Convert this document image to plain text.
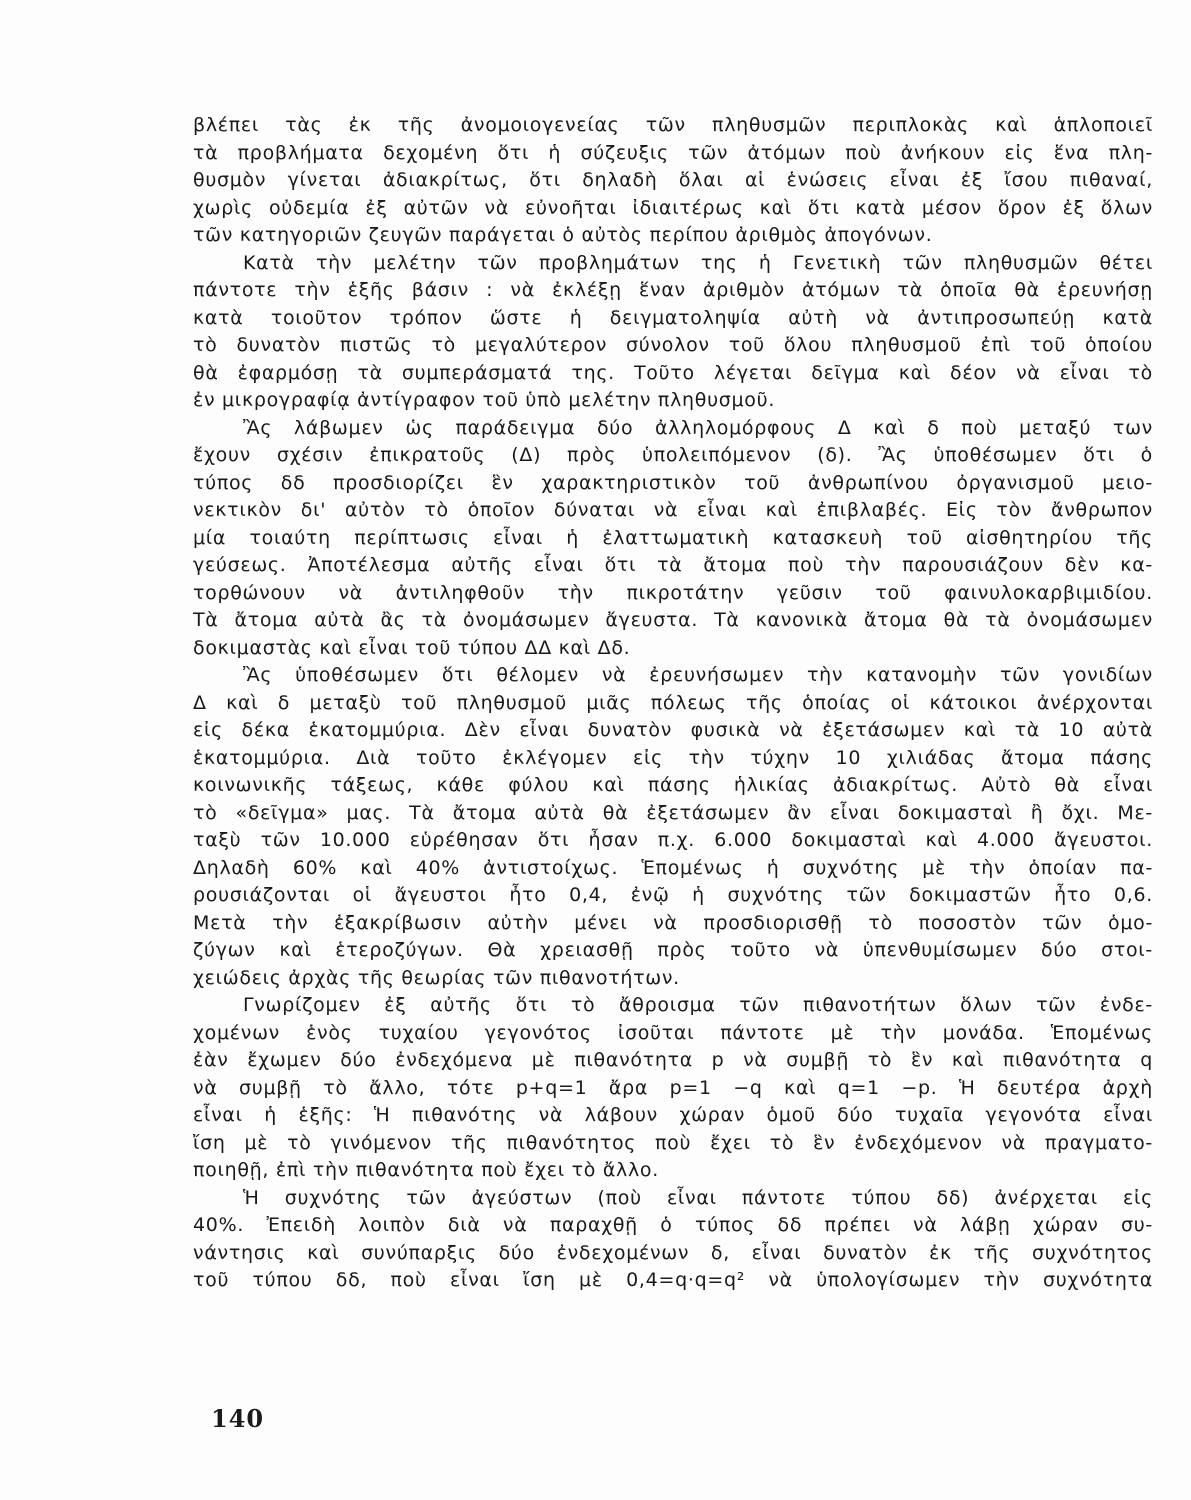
βλέπει τὰς ἐκ τῆς ἀνομοιογενείας τῶν πληθυσμῶν περιπλοκὰς καὶ ἁπλοποιεῖ
τὰ προβλήματα δεχομένη ὅτι ἡ σύζευξις τῶν ἀτόμων ποὺ ἀνήκουν εἰς ἕνα πλη-
θυσμὸν γίνεται ἀδιακρίτως, ὅτι δηλαδὴ ὅλαι αἱ ἑνώσεις εἶναι ἐξ ἴσου πιθαναί,
χωρὶς οὐδεμία ἐξ αὐτῶν νὰ εὐνοῆται ἰδιαιτέρως καὶ ὅτι κατὰ μέσον ὅρον ἐξ ὅλων
τῶν κατηγοριῶν ζευγῶν παράγεται ὁ αὐτὸς περίπου ἀριθμὸς ἀπογόνων.
Κατὰ τὴν μελέτην τῶν προβλημάτων της ἡ Γενετικὴ τῶν πληθυσμῶν θέτει
πάντοτε τὴν ἑξῆς βάσιν : νὰ ἐκλέξῃ ἕναν ἀριθμὸν ἀτόμων τὰ ὁποῖα θὰ ἐρευνήσῃ
κατὰ τοιοῦτον τρόπον ὥστε ἡ δειγματοληψία αὐτὴ νὰ ἀντιπροσωπεύῃ κατὰ
τὸ δυνατὸν πιστῶς τὸ μεγαλύτερον σύνολον τοῦ ὅλου πληθυσμοῦ ἐπὶ τοῦ ὁποίου
θὰ ἐφαρμόσῃ τὰ συμπεράσματά της. Τοῦτο λέγεται δεῖγμα καὶ δέον νὰ εἶναι τὸ
ἐν μικρογραφίᾳ ἀντίγραφον τοῦ ὑπὸ μελέτην πληθυσμοῦ.
Ἂς λάβωμεν ὡς παράδειγμα δύο ἀλληλομόρφους Δ καὶ δ ποὺ μεταξύ των
ἔχουν σχέσιν ἐπικρατοῦς (Δ) πρὸς ὑπολειπόμενον (δ). Ἂς ὑποθέσωμεν ὅτι ὁ
τύπος δδ προσδιορίζει ἓν χαρακτηριστικὸν τοῦ ἀνθρωπίνου ὀργανισμοῦ μειο-
νεκτικὸν δι' αὐτὸν τὸ ὁποῖον δύναται νὰ εἶναι καὶ ἐπιβλαβές. Εἰς τὸν ἄνθρωπον
μία τοιαύτη περίπτωσις εἶναι ἡ ἐλαττωματικὴ κατασκευὴ τοῦ αἰσθητηρίου τῆς
γεύσεως. Ἀποτέλεσμα αὐτῆς εἶναι ὅτι τὰ ἄτομα ποὺ τὴν παρουσιάζουν δὲν κα-
τορθώνουν νὰ ἀντιληφθοῦν τὴν πικροτάτην γεῦσιν τοῦ φαινυλοκαρβιμιδίου.
Τὰ ἄτομα αὐτὰ ἂς τὰ ὀνομάσωμεν ἄγευστα. Τὰ κανονικὰ ἄτομα θὰ τὰ ὀνομάσωμεν
δοκιμαστὰς καὶ εἶναι τοῦ τύπου ΔΔ καὶ Δδ.
Ἂς ὑποθέσωμεν ὅτι θέλομεν νὰ ἐρευνήσωμεν τὴν κατανομὴν τῶν γονιδίων
Δ καὶ δ μεταξὺ τοῦ πληθυσμοῦ μιᾶς πόλεως τῆς ὁποίας οἱ κάτοικοι ἀνέρχονται
εἰς δέκα ἑκατομμύρια. Δὲν εἶναι δυνατὸν φυσικὰ νὰ ἐξετάσωμεν καὶ τὰ 10 αὐτὰ
ἑκατομμύρια. Διὰ τοῦτο ἐκλέγομεν εἰς τὴν τύχην 10 χιλιάδας ἄτομα πάσης
κοινωνικῆς τάξεως, κάθε φύλου καὶ πάσης ἡλικίας ἀδιακρίτως. Αὐτὸ θὰ εἶναι
τὸ «δεῖγμα» μας. Τὰ ἄτομα αὐτὰ θὰ ἐξετάσωμεν ἂν εἶναι δοκιμασταὶ ἢ ὄχι. Με-
ταξὺ τῶν 10.000 εὑρέθησαν ὅτι ἦσαν π.χ. 6.000 δοκιμασταὶ καὶ 4.000 ἄγευστοι.
Δηλαδὴ 60% καὶ 40% ἀντιστοίχως. Ἑπομένως ἡ συχνότης μὲ τὴν ὁποίαν πα-
ρουσιάζονται οἱ ἄγευστοι ἦτο 0,4, ἐνῷ ἡ συχνότης τῶν δοκιμαστῶν ἦτο 0,6.
Μετὰ τὴν ἐξακρίβωσιν αὐτὴν μένει νὰ προσδιορισθῇ τὸ ποσοστὸν τῶν ὁμο-
ζύγων καὶ ἑτεροζύγων. Θὰ χρειασθῇ πρὸς τοῦτο νὰ ὑπενθυμίσωμεν δύο στοι-
χειώδεις ἀρχὰς τῆς θεωρίας τῶν πιθανοτήτων.
Γνωρίζομεν ἐξ αὐτῆς ὅτι τὸ ἄθροισμα τῶν πιθανοτήτων ὅλων τῶν ἐνδε-
χομένων ἑνὸς τυχαίου γεγονότος ἰσοῦται πάντοτε μὲ τὴν μονάδα. Ἑπομένως
ἐὰν ἔχωμεν δύο ἐνδεχόμενα μὲ πιθανότητα p νὰ συμβῇ τὸ ἓν καὶ πιθανότητα q
νὰ συμβῇ τὸ ἄλλο, τότε p+q=1 ἄρα p=1 −q καὶ q=1 −p. Ἡ δευτέρα ἀρχὴ
εἶναι ἡ ἑξῆς: Ἡ πιθανότης νὰ λάβουν χώραν ὁμοῦ δύο τυχαῖα γεγονότα εἶναι
ἴση μὲ τὸ γινόμενον τῆς πιθανότητος ποὺ ἔχει τὸ ἓν ἐνδεχόμενον νὰ πραγματο-
ποιηθῇ, ἐπὶ τὴν πιθανότητα ποὺ ἔχει τὸ ἄλλο.
Ἡ συχνότης τῶν ἀγεύστων (ποὺ εἶναι πάντοτε τύπου δδ) ἀνέρχεται εἰς
40%. Ἐπειδὴ λοιπὸν διὰ νὰ παραχθῇ ὁ τύπος δδ πρέπει νὰ λάβῃ χώραν συ-
νάντησις καὶ συνύπαρξις δύο ἐνδεχομένων δ, εἶναι δυνατὸν ἐκ τῆς συχνότητος
τοῦ τύπου δδ, ποὺ εἶναι ἴση μὲ 0,4=q·q=q² νὰ ὑπολογίσωμεν τὴν συχνότητα
140
